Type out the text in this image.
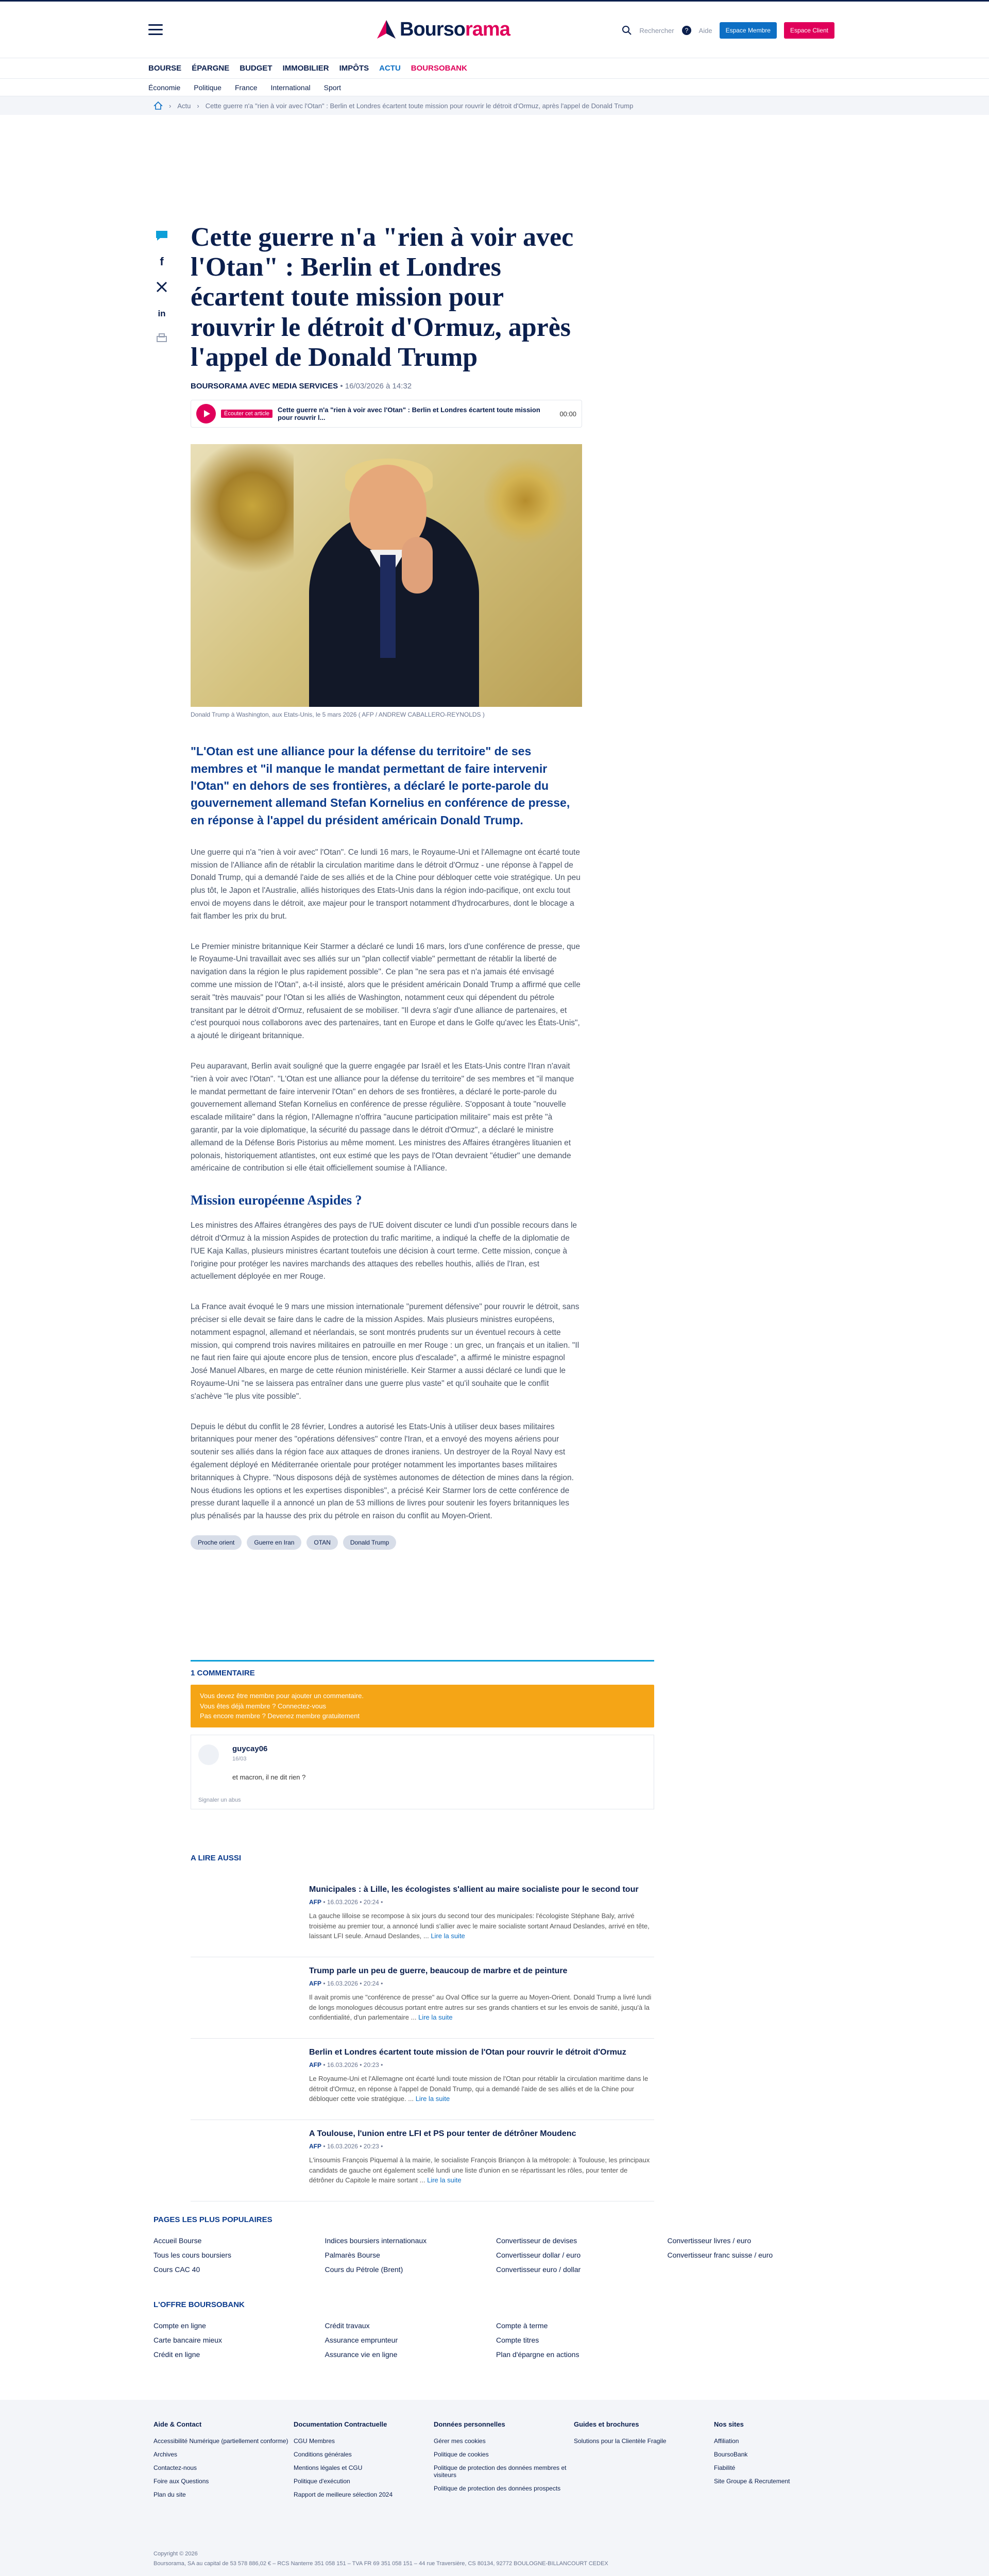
Boursorama	Rechercher ? Aide	Espace Membre	Espace Client
BOURSE ÉPARGNE BUDGET IMMOBILIER IMPÔTS ACTU BOURSOBANK
Économie Politique France International Sport
› Actu › Cette guerre n'a "rien à voir avec l'Otan" : Berlin et Londres écartent toute mission pour rouvrir le détroit d'Ormuz, après l'appel de Donald Trump
f
in
Cette guerre n'a "rien à voir avec l'Otan" : Berlin et Londres écartent toute mission pour rouvrir le détroit d'Ormuz, après l'appel de Donald Trump
BOURSORAMA AVEC MEDIA SERVICES • 16/03/2026 à 14:32
Écouter cet article	Cette guerre n'a "rien à voir avec l'Otan" : Berlin et Londres écartent toute mission pour rouvrir l...	00:00
Donald Trump à Washington, aux Etats-Unis, le 5 mars 2026 ( AFP / ANDREW CABALLERO-REYNOLDS )
"L'Otan est une alliance pour la défense du territoire" de ses membres et "il manque le mandat permettant de faire intervenir l'Otan" en dehors de ses frontières, a déclaré le porte-parole du gouvernement allemand Stefan Kornelius en conférence de presse, en réponse à l'appel du président américain Donald Trump.

Une guerre qui n'a "rien à voir avec" l'Otan". Ce lundi 16 mars, le Royaume-Uni et l'Allemagne ont écarté toute mission de l'Alliance afin de rétablir la circulation maritime dans le détroit d'Ormuz - une réponse à l'appel de Donald Trump, qui a demandé l'aide de ses alliés et de la Chine pour débloquer cette voie stratégique. Un peu plus tôt, le Japon et l'Australie, alliés historiques des Etats-Unis dans la région indo-pacifique, ont exclu tout envoi de moyens dans le détroit, axe majeur pour le transport notamment d'hydrocarbures, dont le blocage a fait flamber les prix du brut.

Le Premier ministre britannique Keir Starmer a déclaré ce lundi 16 mars, lors d'une conférence de presse, que le Royaume-Uni travaillait avec ses alliés sur un "plan collectif viable" permettant de rétablir la liberté de navigation dans la région le plus rapidement possible". Ce plan "ne sera pas et n'a jamais été envisagé comme une mission de l'Otan", a-t-il insisté, alors que le président américain Donald Trump a affirmé que celle serait "très mauvais" pour l'Otan si les alliés de Washington, notamment ceux qui dépendent du pétrole transitant par le détroit d'Ormuz, refusaient de se mobiliser. "Il devra s'agir d'une alliance de partenaires, et c'est pourquoi nous collaborons avec des partenaires, tant en Europe et dans le Golfe qu'avec les États-Unis", a ajouté le dirigeant britannique.

Peu auparavant, Berlin avait souligné que la guerre engagée par Israël et les Etats-Unis contre l'Iran n'avait "rien à voir avec l'Otan". "L'Otan est une alliance pour la défense du territoire" de ses membres et "il manque le mandat permettant de faire intervenir l'Otan" en dehors de ses frontières, a déclaré le porte-parole du gouvernement allemand Stefan Kornelius en conférence de presse régulière. S'opposant à toute "nouvelle escalade militaire" dans la région, l'Allemagne n'offrira "aucune participation militaire" mais est prête "à garantir, par la voie diplomatique, la sécurité du passage dans le détroit d'Ormuz", a déclaré le ministre allemand de la Défense Boris Pistorius au même moment. Les ministres des Affaires étrangères lituanien et polonais, historiquement atlantistes, ont eux estimé que les pays de l'Otan devraient "étudier" une demande américaine de contribution si elle était officiellement soumise à l'Alliance.

Mission européenne Aspides ?

Les ministres des Affaires étrangères des pays de l'UE doivent discuter ce lundi d'un possible recours dans le détroit d'Ormuz à la mission Aspides de protection du trafic maritime, a indiqué la cheffe de la diplomatie de l'UE Kaja Kallas, plusieurs ministres écartant toutefois une décision à court terme. Cette mission, conçue à l'origine pour protéger les navires marchands des attaques des rebelles houthis, alliés de l'Iran, est actuellement déployée en mer Rouge.

La France avait évoqué le 9 mars une mission internationale "purement défensive" pour rouvrir le détroit, sans préciser si elle devait se faire dans le cadre de la mission Aspides. Mais plusieurs ministres européens, notamment espagnol, allemand et néerlandais, se sont montrés prudents sur un éventuel recours à cette mission, qui comprend trois navires militaires en patrouille en mer Rouge : un grec, un français et un italien. "Il ne faut rien faire qui ajoute encore plus de tension, encore plus d'escalade", a affirmé le ministre espagnol José Manuel Albares, en marge de cette réunion ministérielle. Keir Starmer a aussi déclaré ce lundi que le Royaume-Uni "ne se laissera pas entraîner dans une guerre plus vaste" et qu'il souhaite que le conflit s'achève "le plus vite possible".

Depuis le début du conflit le 28 février, Londres a autorisé les Etats-Unis à utiliser deux bases militaires britanniques pour mener des "opérations défensives" contre l'Iran, et a envoyé des moyens aériens pour soutenir ses alliés dans la région face aux attaques de drones iraniens. Un destroyer de la Royal Navy est également déployé en Méditerranée orientale pour protéger notamment les importantes bases militaires britanniques à Chypre. "Nous disposons déjà de systèmes autonomes de détection de mines dans la région. Nous étudions les options et les expertises disponibles", a précisé Keir Starmer lors de cette conférence de presse durant laquelle il a annoncé un plan de 53 millions de livres pour soutenir les foyers britanniques les plus pénalisés par la hausse des prix du pétrole en raison du conflit au Moyen-Orient.

Proche orient	Guerre en Iran	OTAN	Donald Trump
1 COMMENTAIRE
Vous devez être membre pour ajouter un commentaire.
Vous êtes déjà membre ? Connectez-vous
Pas encore membre ? Devenez membre gratuitement
guycay06
16/03
et macron, il ne dit rien ?
Signaler un abus
A LIRE AUSSI
Municipales : à Lille, les écologistes s'allient au maire socialiste pour le second tour
AFP • 16.03.2026 • 20:24 •
La gauche lilloise se recompose à six jours du second tour des municipales: l'écologiste Stéphane Baly, arrivé troisième au premier tour, a annoncé lundi s'allier avec le maire socialiste sortant Arnaud Deslandes, arrivé en tête, laissant LFI seule. Arnaud Deslandes, ... Lire la suite
Trump parle un peu de guerre, beaucoup de marbre et de peinture
AFP • 16.03.2026 • 20:24 •
Il avait promis une "conférence de presse" au Oval Office sur la guerre au Moyen-Orient. Donald Trump a livré lundi de longs monologues décousus portant entre autres sur ses grands chantiers et sur les envois de sanité, jusqu'à la confidentialité, d'un parlementaire ... Lire la suite
Berlin et Londres écartent toute mission de l'Otan pour rouvrir le détroit d'Ormuz
AFP • 16.03.2026 • 20:23 •
Le Royaume-Uni et l'Allemagne ont écarté lundi toute mission de l'Otan pour rétablir la circulation maritime dans le détroit d'Ormuz, en réponse à l'appel de Donald Trump, qui a demandé l'aide de ses alliés et de la Chine pour débloquer cette voie stratégique. ... Lire la suite
A Toulouse, l'union entre LFI et PS pour tenter de détrôner Moudenc
AFP • 16.03.2026 • 20:23 •
L'insoumis François Piquemal à la mairie, le socialiste François Briançon à la métropole: à Toulouse, les principaux candidats de gauche ont également scellé lundi une liste d'union en se répartissant les rôles, pour tenter de détrôner du Capitole le maire sortant ... Lire la suite
PAGES LES PLUS POPULAIRES
Accueil Bourse	Indices boursiers internationaux	Convertisseur de devises	Convertisseur livres / euro
Tous les cours boursiers	Palmarès Bourse	Convertisseur dollar / euro	Convertisseur franc suisse / euro
Cours CAC 40	Cours du Pétrole (Brent)	Convertisseur euro / dollar
L'OFFRE BOURSOBANK
Compte en ligne	Crédit travaux	Compte à terme
Carte bancaire mieux	Assurance emprunteur	Compte titres
Crédit en ligne	Assurance vie en ligne	Plan d'épargne en actions
Aide & Contact
Accessibilité Numérique (partiellement conforme)
Archives
Contactez-nous
Foire aux Questions
Plan du site
Documentation Contractuelle
CGU Membres
Conditions générales
Mentions légales et CGU
Politique d'exécution
Rapport de meilleure sélection 2024
Données personnelles
Gérer mes cookies
Politique de cookies
Politique de protection des données membres et visiteurs
Politique de protection des données prospects
Guides et brochures
Solutions pour la Clientèle Fragile
Nos sites
Affiliation
BoursoBank
Fiabilité
Site Groupe & Recrutement
Copyright © 2026
Boursorama, SA au capital de 53 578 886,02 € – RCS Nanterre 351 058 151 – TVA FR 69 351 058 151 – 44 rue Traversière, CS 80134, 92772 BOULOGNE-BILLANCOURT CEDEX
